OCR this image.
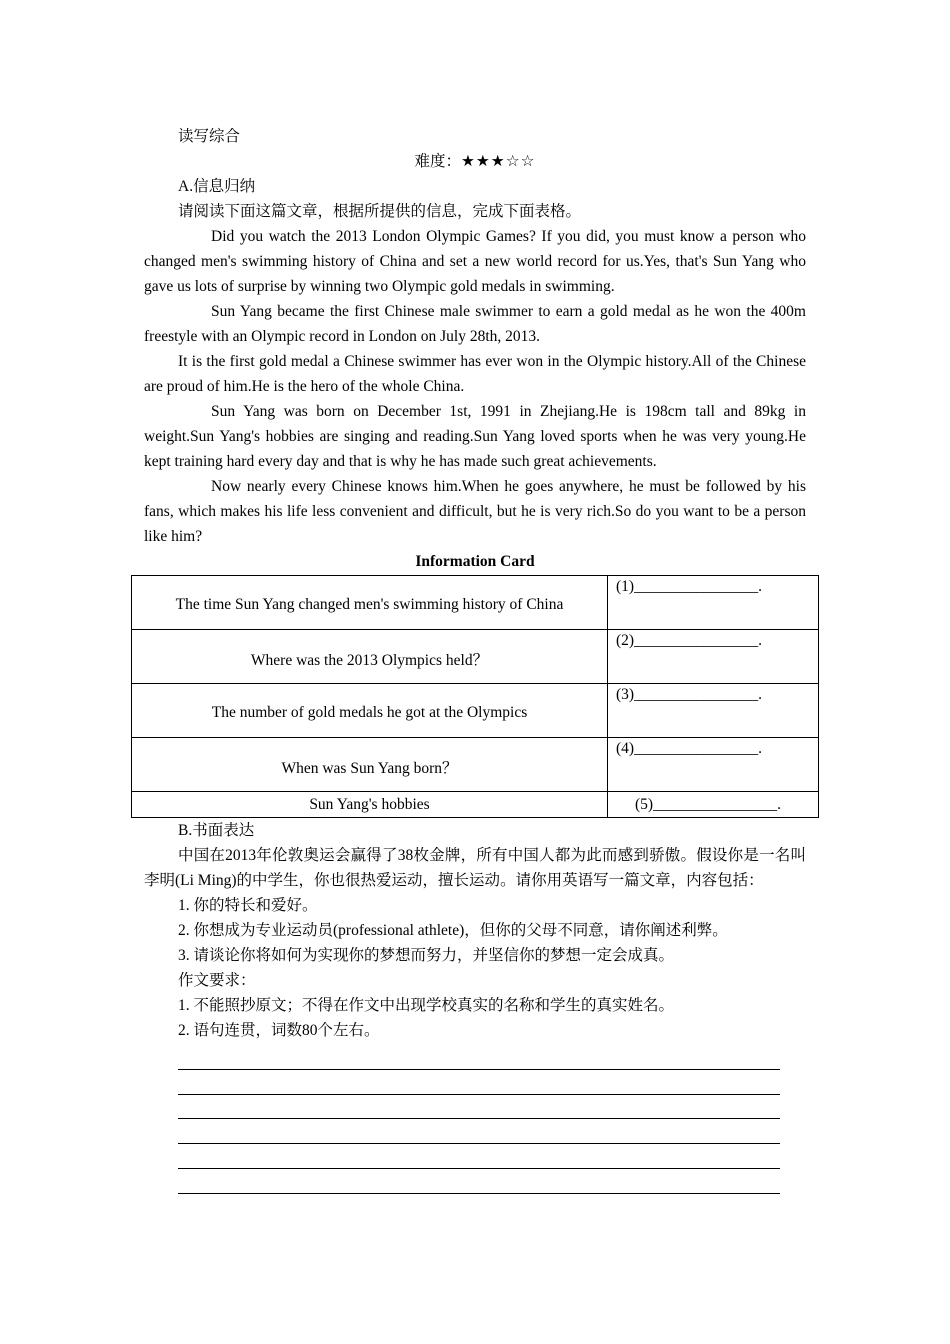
读写综合

难度：★★★☆☆

A.信息归纳

请阅读下面这篇文章，根据所提供的信息，完成下面表格。

Did you watch the 2013 London Olympic Games? If you did, you must know a person who changed men's swimming history of China and set a new world record for us.Yes, that's Sun Yang who gave us lots of surprise by winning two Olympic gold medals in swimming.

Sun Yang became the first Chinese male swimmer to earn a gold medal as he won the 400m freestyle with an Olympic record in London on July 28th, 2013.

It is the first gold medal a Chinese swimmer has ever won in the Olympic history.All of the Chinese are proud of him.He is the hero of the whole China.

Sun Yang was born on December 1st, 1991 in Zhejiang.He is 198cm tall and 89kg in weight.Sun Yang's hobbies are singing and reading.Sun Yang loved sports when he was very young.He kept training hard every day and that is why he has made such great achievements.

Now nearly every Chinese knows him.When he goes anywhere, he must be followed by his fans, which makes his life less convenient and difficult, but he is very rich.So do you want to be a person like him?

Information Card

The time Sun Yang changed men's swimming history of China	(1)________________.
Where was the 2013 Olympics held？	(2)________________.
The number of gold medals he got at the Olympics	(3)________________.
When was Sun Yang born？	(4)________________.
Sun Yang's hobbies	(5)________________.

B.书面表达

中国在2013年伦敦奥运会赢得了38枚金牌，所有中国人都为此而感到骄傲。假设你是一名叫李明(Li Ming)的中学生，你也很热爱运动，擅长运动。请你用英语写一篇文章，内容包括：

1. 你的特长和爱好。

2. 你想成为专业运动员(professional athlete)，但你的父母不同意，请你阐述利弊。

3. 请谈论你将如何为实现你的梦想而努力，并坚信你的梦想一定会成真。

作文要求：

1. 不能照抄原文；不得在作文中出现学校真实的名称和学生的真实姓名。

2. 语句连贯，词数80个左右。
